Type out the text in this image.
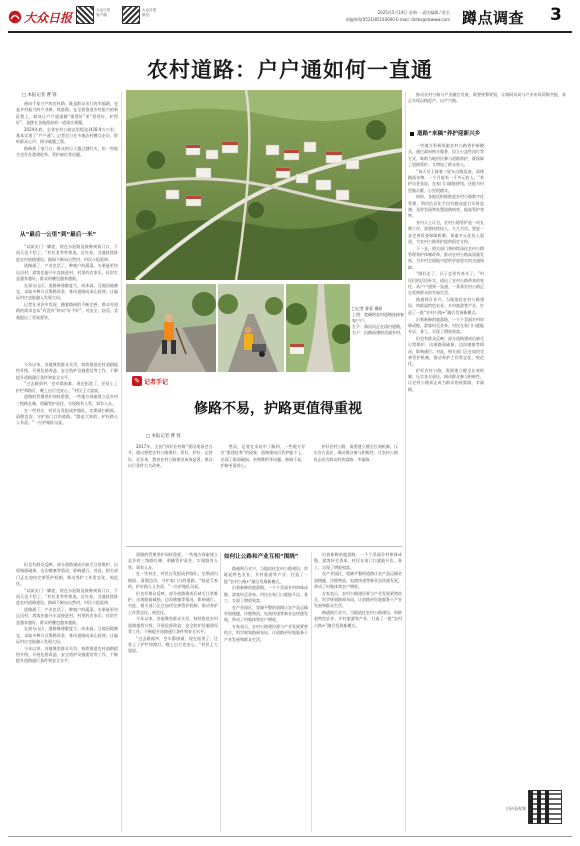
大众日报
大众日报 客户端
大众日报 微信	2025年5月19日 星期一 责任编辑 / 姓名
采编热线(0531)85193000 E-mail: dzrbs@dzwww.com 蹲点调查 3
农村道路：户户通如何一直通
□ 本报记者 曹 蓉

通向千家万户的农村路，既是群众出行的幸福路，也是乡村振兴的产业路、致富路。在全面推进乡村振兴的新征程上，如何让户户通道路“建得好”更“管得好、护得好”，是摆在各地面前的一道现实课题。

2024年底，全省农村公路总里程达到28.9万公里，基本实现了“户户通”。记者近日在多地农村蹲点走访，聆听群众心声，探寻破题之策。

路修到了家门口，群众的日子越过越红火，但一些地方也存在重建轻养、管护缺位等问题。

从“最后一公里”到“最后一米”

“以前出门一脚泥，现在水泥路直接修到家门口，下雨天也不怕了。”村民老李笑着说。近年来，当地持续推进农村道路建设，路网不断向自然村、村民小组延伸。

道路通了，产业也活了。种植户的蔬菜、水果能更快运出村，游客也能开车直接进村，村里的农家乐、民宿生意越来越好，群众的腰包越来越鼓。

在部分山区，道路修建难度大、成本高。当地因地制宜，采取多种方式筹措资金，推动道路向深山延伸，让偏远村庄也能融入发展大局。

记者在采访中发现，随着路网的不断完善，群众对道路的需求也从“有没有”转向“好不好”，对安全、舒适、美观提出了更高要求。

今年以来，各地聚焦群众关切，持续推进农村道路提档升级，开展危桥改造、安全防护设施建设等工作，不断提升道路通行条件和安全水平。

“过去路面窄，会车都困难，现在拓宽了，还装上了护栏和路灯，晚上出行也安心。”村民王大姐说。

道路的管理养护同样重要。一些地方探索建立县乡村三级路长制，明确管护责任，实现路有人管、事有人办。

在一些村庄，村民自发组成护路队，定期清扫路面、清理边沟，守护家门口的道路。“路是大家的，护好路人人有责。”一位护路队员说。

但也有群众反映，部分道路建成后缺乏日常维护，出现路面破损、边沟堵塞等情况，影响通行。对此，相关部门正在加快完善管护机制，推动养护工作常态化、规范化。

“以前出门一脚泥，现在水泥路直接修到家门口，下雨天也不怕了。”村民老李笑着说。近年来，当地持续推进农村道路建设，路网不断向自然村、村民小组延伸。

道路通了，产业也活了。种植户的蔬菜、水果能更快运出村，游客也能开车直接进村，村里的农家乐、民宿生意越来越好，群众的腰包越来越鼓。

在部分山区，道路修建难度大、成本高。当地因地制宜，采取多种方式筹措资金，推动道路向深山延伸，让偏远村庄也能融入发展大局。

今年以来，各地聚焦群众关切，持续推进农村道路提档升级，开展危桥改造、安全防护设施建设等工作，不断提升道路通行条件和安全水平。

□记者 曹蓉 摄影
上图：宽阔的农村道路连接家家户户。
左下：保洁员正在清扫道路。
右下：沿路而建的美丽乡村。

✎ 记者手记
修路不易，护路更值得重视
□ 本报记者 曹 蓉

2017年，全国“四好农村路”建设现场会召开，提出要把农村公路建好、管好、护好、运营好。近年来，我省农村公路建设成效显著，群众出行条件大为改善。

然而，记者在采访中了解到，一些地方存在“重建轻养”的现象，道路建成后管护跟不上，出现了路面破损、杂物堆积等问题。修路不易，护路更需用心。

护好农村公路，需要建立健全长效机制，压实各方责任，调动群众参与积极性，让农村公路真正成为群众的致富路、幸福路。

道路的管理养护同样重要。一些地方探索建立县乡村三级路长制，明确管护责任，实现路有人管、事有人办。

在一些村庄，村民自发组成护路队，定期清扫路面、清理边沟，守护家门口的道路。“路是大家的，护好路人人有责。”一位护路队员说。

但也有群众反映，部分道路建成后缺乏日常维护，出现路面破损、边沟堵塞等情况，影响通行。对此，相关部门正在加快完善管护机制，推动养护工作常态化、规范化。

今年以来，各地聚焦群众关切，持续推进农村道路提档升级，开展危桥改造、安全防护设施建设等工作，不断提升道路通行条件和安全水平。

“过去路面窄，会车都困难，现在拓宽了，还装上了护栏和路灯，晚上出行也安心。”村民王大姐说。

如何让公路和产业互相“围绕”

路通则百业兴。当地依托农村公路建设，串联起特色农业、乡村旅游等产业，打造了一批“农村公路+”融合发展新模式。

沿着新修的旅游路，一个个美丽乡村串珠成链，游客纷至沓来。村民在家门口就能开店、务工，实现了增收致富。

在产业园区，宽阔平整的道路让农产品运输更加便捷，冷链物流、电商快递等新业态快速发展，带动了村集体和农户增收。

专家表示，农村公路建设要与产业发展紧密结合，科学规划路网布局，让道路更好地服务于产业发展和群众生活。

沿着新修的旅游路，一个个美丽乡村串珠成链，游客纷至沓来。村民在家门口就能开店、务工，实现了增收致富。

在产业园区，宽阔平整的道路让农产品运输更加便捷，冷链物流、电商快递等新业态快速发展，带动了村集体和农户增收。

专家表示，农村公路建设要与产业发展紧密结合，科学规划路网布局，让道路更好地服务于产业发展和群众生活。

路通则百业兴。当地依托农村公路建设，串联起特色农业、乡村旅游等产业，打造了一批“农村公路+”融合发展新模式。

推动农村公路与产业融合发展，需要统筹规划，让路网布局与产业布局同频共振，真正实现以路促产、以产兴路。

道路“来稿”养护迎新兴乡

一些地方积极探索农村公路养护新模式，通过政府购买服务、设立公益性岗位等方式，吸纳当地村民参与道路养护，既保障了道路管护，又增加了群众收入。

“每天早上骑着三轮车沿路巡查，清理路面杂物，一个月能有一千多元收入。”养护员老张说，在家门口就能挣钱，还能为村里做贡献，心里很踏实。

同时，各地还积极推进农村公路数字化管理，利用信息化手段对路况进行实时监测，及时发现和处置道路病害，提高管护效率。

业内人士认为，农村公路管护是一项长期工作，需要持续投入、久久为功。要进一步完善资金保障机制，探索多元化投入渠道，为农村公路养护提供稳定支持。

下一步，相关部门将持续深化农村公路管理养护体制改革，推动农村公路高质量发展，为乡村全面振兴提供更加坚实的交通保障。

“路好走了，日子也更有奔头了。”村民们的话语朴实，道出了农村公路带来的变化。从户户通到一直通，一条条农村公路正在延伸群众的幸福生活。

路通则百业兴。当地依托农村公路建设，串联起特色农业、乡村旅游等产业，打造了一批“农村公路+”融合发展新模式。

沿着新修的旅游路，一个个美丽乡村串珠成链，游客纷至沓来。村民在家门口就能开店、务工，实现了增收致富。

但也有群众反映，部分道路建成后缺乏日常维护，出现路面破损、边沟堵塞等情况，影响通行。对此，相关部门正在加快完善管护机制，推动养护工作常态化、规范化。

护好农村公路，需要建立健全长效机制，压实各方责任，调动群众参与积极性，让农村公路真正成为群众的致富路、幸福路。

扫码看视频
